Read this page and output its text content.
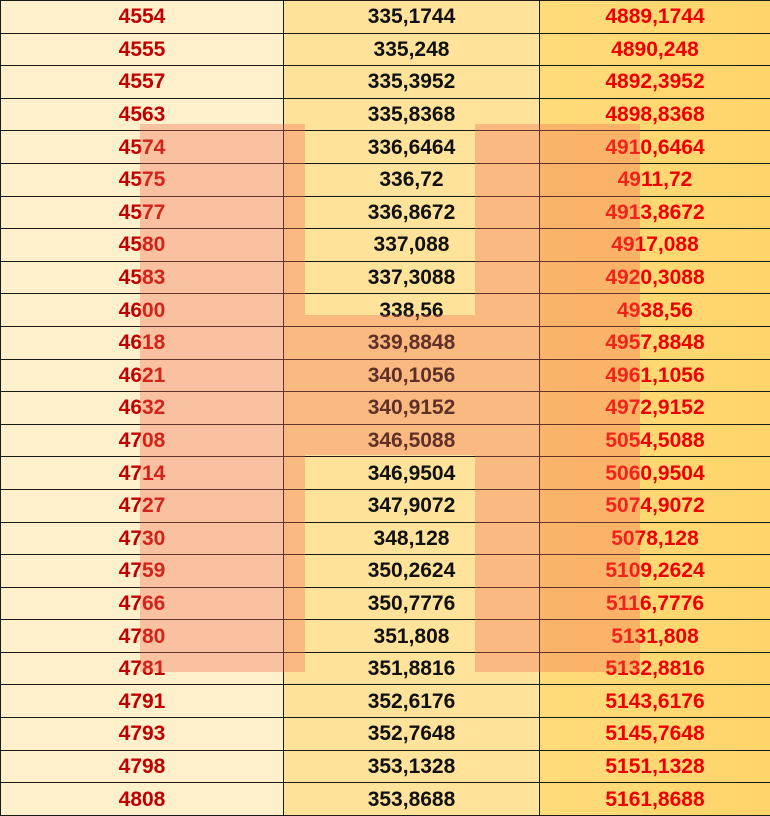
4554	335,1744	4889,1744
4555	335,248	4890,248
4557	335,3952	4892,3952
4563	335,8368	4898,8368
4574	336,6464	4910,6464
4575	336,72	4911,72
4577	336,8672	4913,8672
4580	337,088	4917,088
4583	337,3088	4920,3088
4600	338,56	4938,56
4618	339,8848	4957,8848
4621	340,1056	4961,1056
4632	340,9152	4972,9152
4708	346,5088	5054,5088
4714	346,9504	5060,9504
4727	347,9072	5074,9072
4730	348,128	5078,128
4759	350,2624	5109,2624
4766	350,7776	5116,7776
4780	351,808	5131,808
4781	351,8816	5132,8816
4791	352,6176	5143,6176
4793	352,7648	5145,7648
4798	353,1328	5151,1328
4808	353,8688	5161,8688
